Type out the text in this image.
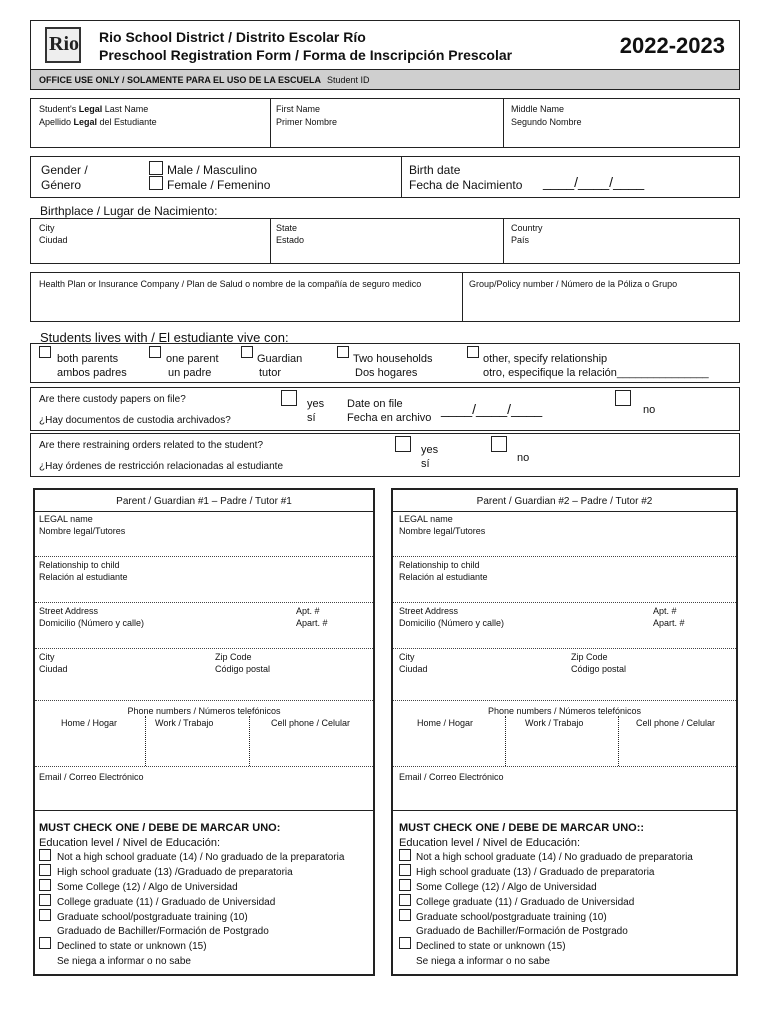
Rio Rio School District / Distrito Escolar Río
Preschool Registration Form / Forma de Inscripción Prescolar	2022-2023
OFFICE USE ONLY / SOLAMENTE PARA EL USO DE LA ESCUELA Student ID
Student's Legal Last Name
Apellido Legal del Estudiante
First Name
Primer Nombre
Middle Name
Segundo Nombre
Gender /
Género
Male / Masculino
Female / Femenino
Birth date
Fecha de Nacimiento ____/____/____
Birthplace / Lugar de Nacimiento:
City
Ciudad
State
Estado
Country
País
Health Plan or Insurance Company / Plan de Salud o nombre de la compañía de seguro medico	Group/Policy number / Número de la Póliza o Grupo
Students lives with / El estudiante vive con:
both parents
ambos padres
one parent
un padre
Guardian
tutor
Two households
Dos hogares
other, specify relationship
otro, especifique la relación_______________
Are there custody papers on file?
¿Hay documentos de custodia archivados?
yes
sí
Date on file
Fecha en archivo
____/____/____	no
Are there restraining orders related to the student?
¿Hay órdenes de restricción relacionadas al estudiante
yes
sí	no
Parent / Guardian #1 – Padre / Tutor #1
LEGAL name
Nombre legal/Tutores
Relationship to child
Relación al estudiante
Street Address
Domicilio (Número y calle)
Apt. #
Apart. #
City
Ciudad
Zip Code
Código postal
Phone numbers / Números telefónicos
Home / Hogar	Work / Trabajo	Cell phone / Celular
Email / Correo Electrónico
MUST CHECK ONE / DEBE DE MARCAR UNO:
Education level / Nivel de Educación:
Not a high school graduate (14) / No graduado de la preparatoria
High school graduate (13) /Graduado de preparatoria
Some College (12) / Algo de Universidad
College graduate (11) / Graduado de Universidad
Graduate school/postgraduate training (10)
Graduado de Bachiller/Formación de Postgrado
Declined to state or unknown (15)
Se niega a informar o no sabe
Parent / Guardian #2 – Padre / Tutor #2
LEGAL name
Nombre legal/Tutores
Relationship to child
Relación al estudiante
Street Address
Domicilio (Número y calle)
Apt. #
Apart. #
City
Ciudad
Zip Code
Código postal
Phone numbers / Números telefónicos
Home / Hogar	Work / Trabajo	Cell phone / Celular
Email / Correo Electrónico
MUST CHECK ONE / DEBE DE MARCAR UNO::
Education level / Nivel de Educación:
Not a high school graduate (14) / No graduado de preparatoria
High school graduate (13) / Graduado de preparatoria
Some College (12) / Algo de Universidad
College graduate (11) / Graduado de Universidad
Graduate school/postgraduate training (10)
Graduado de Bachiller/Formación de Postgrado
Declined to state or unknown (15)
Se niega a informar o no sabe
